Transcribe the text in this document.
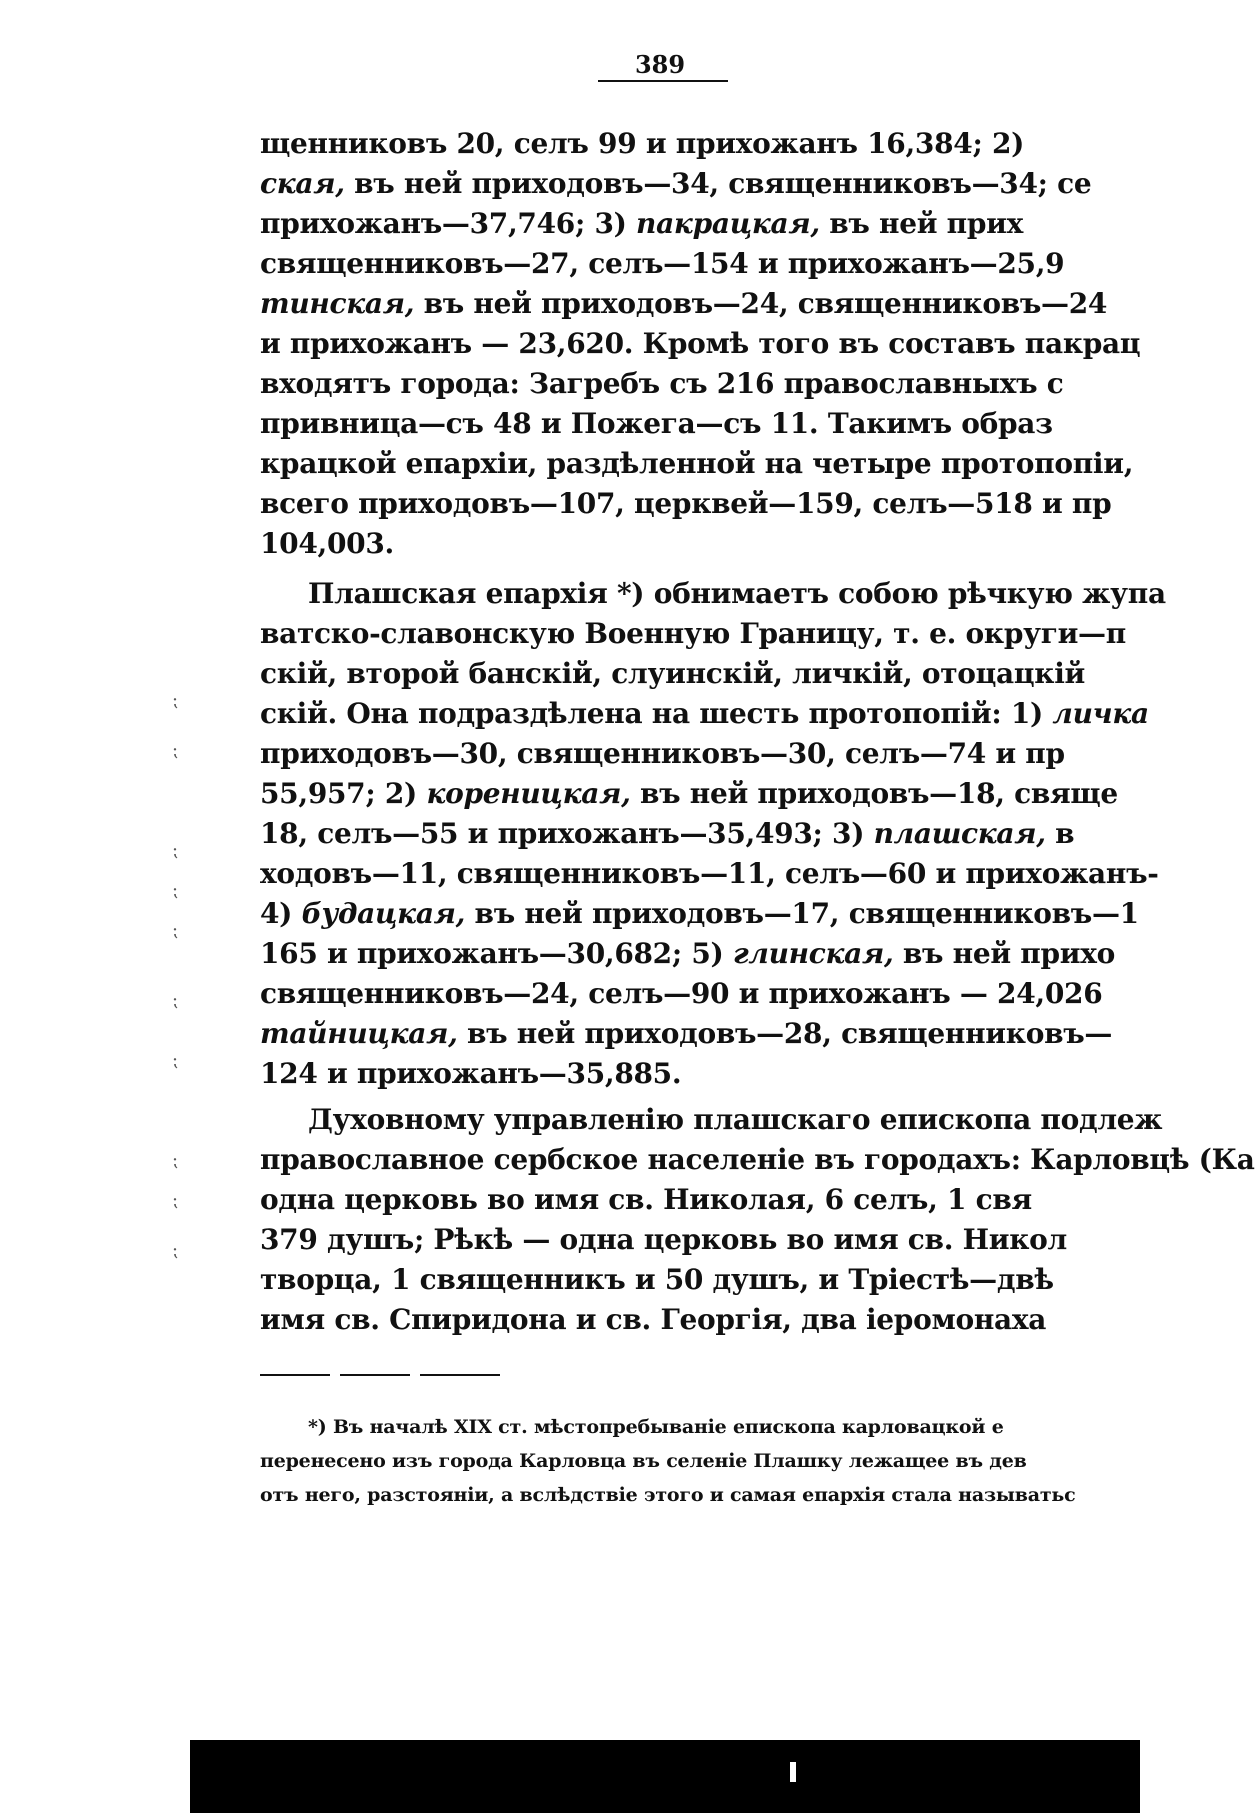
389
щенниковъ 20, селъ 99 и прихожанъ 16,384; 2)
ская, въ ней приходовъ—34, священниковъ—34; се
прихожанъ—37,746; 3) пакрацкая, въ ней прих
священниковъ—27, селъ—154 и прихожанъ—25,9
тинская, въ ней приходовъ—24, священниковъ—24
и прихожанъ — 23,620. Кромѣ того въ составъ пакрац
входятъ города: Загребъ съ 216 православныхъ с
привница—съ 48 и Пожега—съ 11. Такимъ образ
крацкой епархіи, раздѣленной на четыре протопопіи,
всего приходовъ—107, церквей—159, селъ—518 и пр
104,003.
Плашская епархія *) обнимаетъ собою рѣчкую жупа
ватско-славонскую Военную Границу, т. е. округи—п
скій, второй банскій, слуинскій, личкій, отоцацкій
скій. Она подраздѣлена на шесть протопопій: 1) личка
приходовъ—30, священниковъ—30, селъ—74 и пр
55,957; 2) кореницкая, въ ней приходовъ—18, свяще
18, селъ—55 и прихожанъ—35,493; 3) плашская, в
ходовъ—11, священниковъ—11, селъ—60 и прихожанъ-
4) будацкая, въ ней приходовъ—17, священниковъ—1
165 и прихожанъ—30,682; 5) глинская, въ ней прихо
священниковъ—24, селъ—90 и прихожанъ — 24,026
тайницкая, въ ней приходовъ—28, священниковъ—
124 и прихожанъ—35,885.
Духовному управленію плашскаго епископа подлеж
православное сербское населеніе въ городахъ: Карловцѣ (Ка
одна церковь во имя св. Николая, 6 селъ, 1 свя
379 душъ; Рѣкѣ — одна церковь во имя св. Никол
творца, 1 священникъ и 50 душъ, и Тріестѣ—двѣ
имя св. Спиридона и св. Георгія, два іеромонаха
*) Въ началѣ XIX ст. мѣстопребываніе епископа карловацкой е
перенесено изъ города Карловца въ селеніе Плашку лежащее въ дев
отъ него, разстояніи, а вслѣдствіе этого и самая епархія стала называтьс
⁏
⁏
⁏
⁏
⁏
⁏
⁏
⁏
⁏
⁏
